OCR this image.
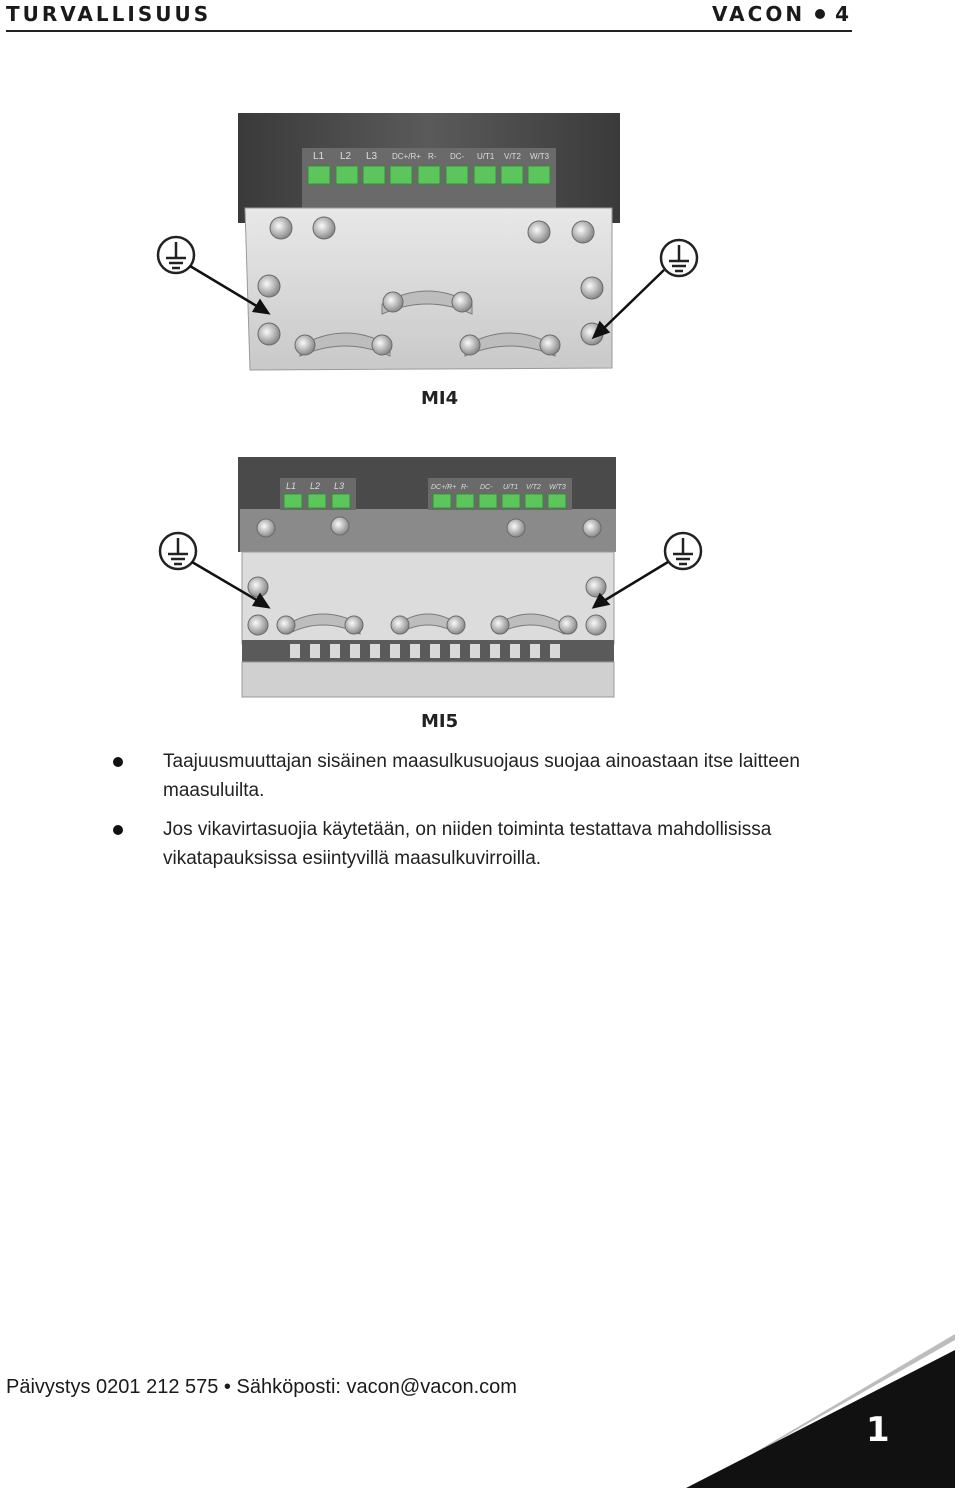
TURVALLISUUS	VACON 4
L1 L2 L3 DC+/R+ R- DC- U/T1 V/T2 W/T3
MI4
L1 L2 L3	DC+/R+ R- DC- U/T1 V/T2 W/T3
MI5
Taajuusmuuttajan sisäinen maasulkusuojaus suojaa ainoastaan itse laitteen maasuluilta.
Jos vikavirtasuojia käytetään, on niiden toiminta testattava mahdollisissa vikatapauksissa esiintyvillä maasulkuvirroilla.
Päivystys 0201 212 575 • Sähköposti: vacon@vacon.com
1
